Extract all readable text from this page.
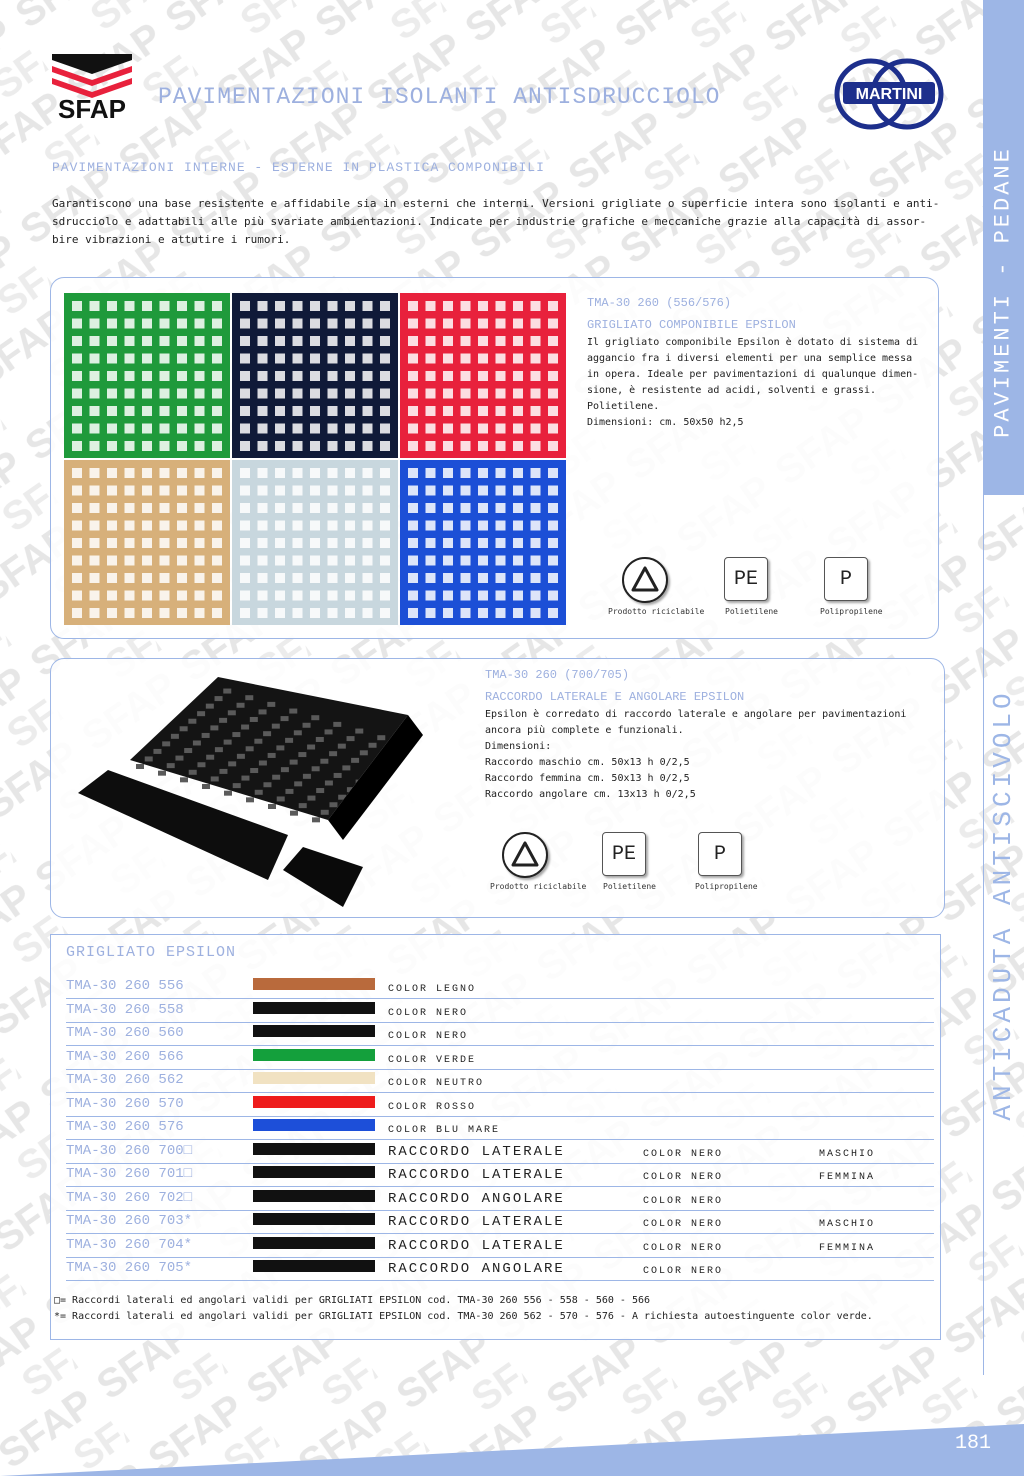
SFAP PAVIMENTAZIONI ISOLANTI ANTISDRUCCIOLO	MARTINI
PAVIMENTI - PEDANE
ANTICADUTA ANTISCIVOLO
PAVIMENTAZIONI INTERNE - ESTERNE IN PLASTICA COMPONIBILI
Garantiscono una base resistente e affidabile sia in esterni che interni. Versioni grigliate o superficie intera sono isolanti e anti-
sdrucciolo e adattabili alle più svariate ambientazioni. Indicate per industrie grafiche e meccaniche grazie alla capacità di assor-
bire vibrazioni e attutire i rumori.
TMA-30 260 (556/576)
GRIGLIATO COMPONIBILE EPSILON
Il grigliato componibile Epsilon è dotato di sistema di
aggancio fra i diversi elementi per una semplice messa
in opera. Ideale per pavimentazioni di qualunque dimen-
sione, è resistente ad acidi, solventi e grassi. Polietilene.
Dimensioni: cm. 50x50 h2,5
PE	P
Prodotto riciclabile	Polietilene	Polipropilene
TMA-30 260 (700/705)
RACCORDO LATERALE E ANGOLARE EPSILON
Epsilon è corredato di raccordo laterale e angolare per pavimentazioni
ancora più complete e funzionali.
Dimensioni:
Raccordo maschio cm. 50x13 h 0/2,5
Raccordo femmina cm. 50x13 h 0/2,5
Raccordo angolare cm. 13x13 h 0/2,5
PE	P
Prodotto riciclabile Polietilene	Polipropilene
GRIGLIATO EPSILON
TMA-30 260 556	COLOR LEGNO
TMA-30 260 558	COLOR NERO
TMA-30 260 560	COLOR NERO
TMA-30 260 566	COLOR VERDE
TMA-30 260 562	COLOR NEUTRO
TMA-30 260 570	COLOR ROSSO
TMA-30 260 576	COLOR BLU MARE
TMA-30 260 700□	RACCORDO LATERALE	COLOR NERO	MASCHIO
TMA-30 260 701□	RACCORDO LATERALE	COLOR NERO	FEMMINA
TMA-30 260 702□	RACCORDO ANGOLARE	COLOR NERO
TMA-30 260 703*	RACCORDO LATERALE	COLOR NERO	MASCHIO
TMA-30 260 704*	RACCORDO LATERALE	COLOR NERO	FEMMINA
TMA-30 260 705*	RACCORDO ANGOLARE	COLOR NERO
□= Raccordi laterali ed angolari validi per GRIGLIATI EPSILON cod. TMA-30 260 556 - 558 - 560 - 566
*= Raccordi laterali ed angolari validi per GRIGLIATI EPSILON cod. TMA-30 260 562 - 570 - 576 - A richiesta autoestinguente color verde.
181
